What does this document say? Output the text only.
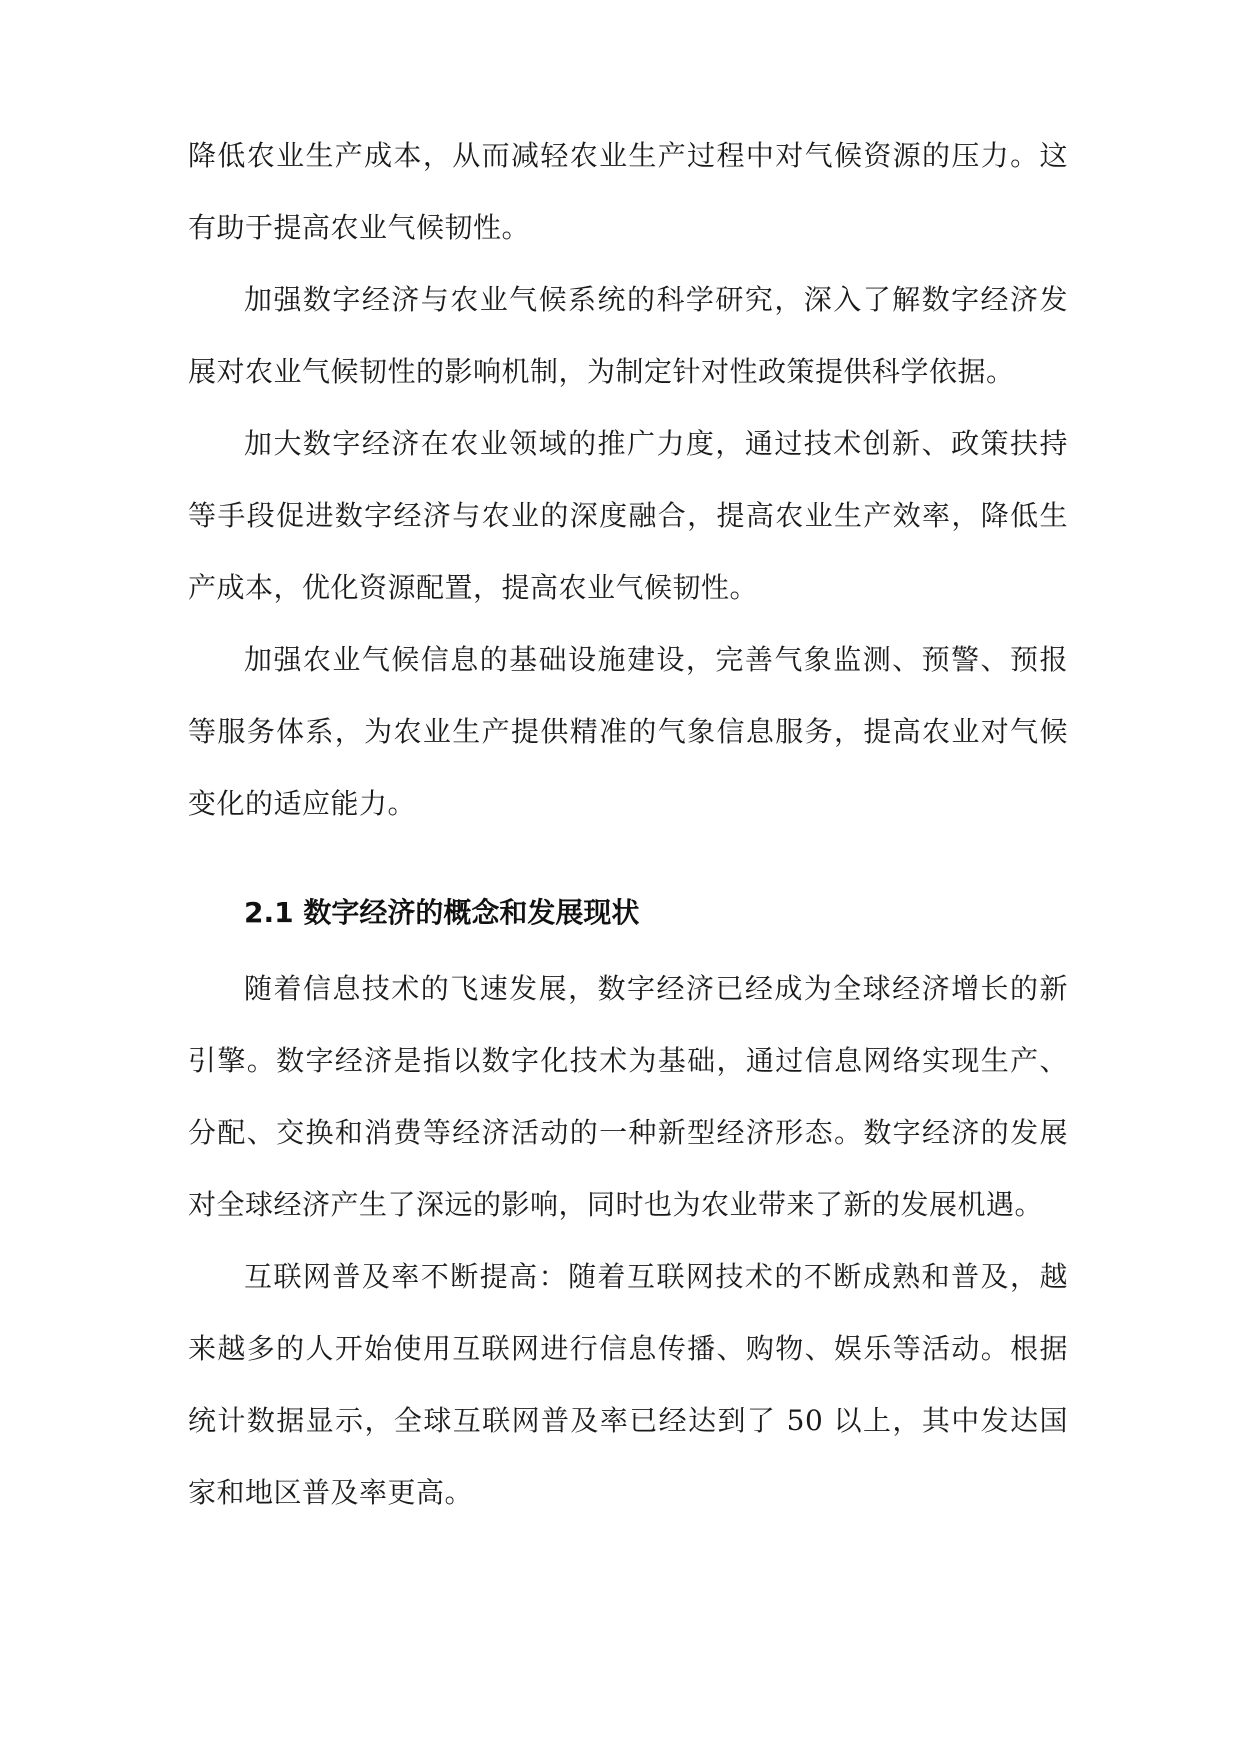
降低农业生产成本，从而减轻农业生产过程中对气候资源的压力。这有助于提高农业气候韧性。

加强数字经济与农业气候系统的科学研究，深入了解数字经济发展对农业气候韧性的影响机制，为制定针对性政策提供科学依据。

加大数字经济在农业领域的推广力度，通过技术创新、政策扶持等手段促进数字经济与农业的深度融合，提高农业生产效率，降低生产成本，优化资源配置，提高农业气候韧性。

加强农业气候信息的基础设施建设，完善气象监测、预警、预报等服务体系，为农业生产提供精准的气象信息服务，提高农业对气候变化的适应能力。

2.1 数字经济的概念和发展现状

随着信息技术的飞速发展，数字经济已经成为全球经济增长的新引擎。数字经济是指以数字化技术为基础，通过信息网络实现生产、分配、交换和消费等经济活动的一种新型经济形态。数字经济的发展对全球经济产生了深远的影响，同时也为农业带来了新的发展机遇。

互联网普及率不断提高：随着互联网技术的不断成熟和普及，越来越多的人开始使用互联网进行信息传播、购物、娱乐等活动。根据统计数据显示，全球互联网普及率已经达到了 50 以上，其中发达国家和地区普及率更高。
